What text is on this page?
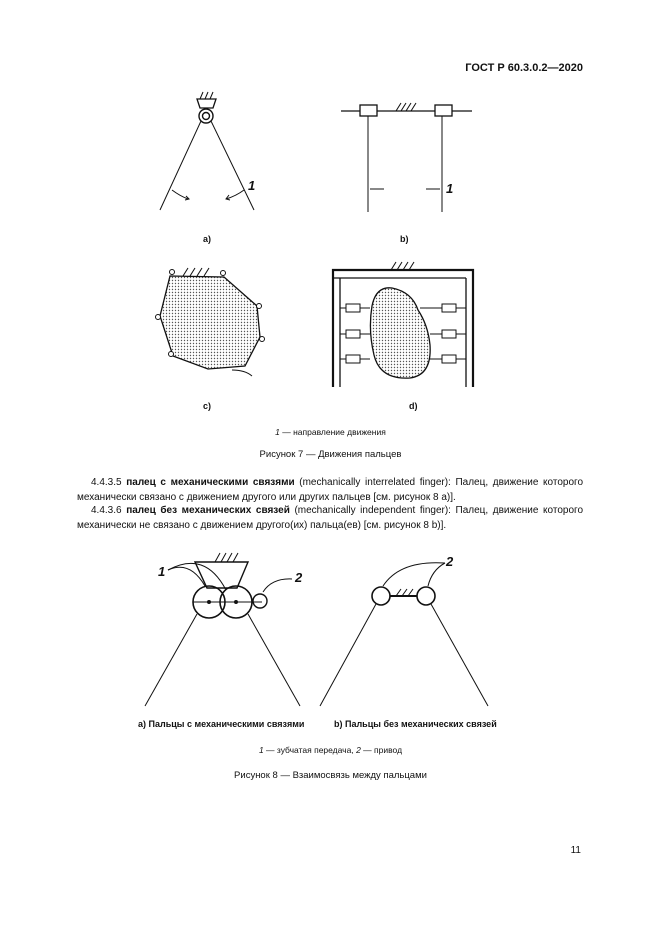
ГОСТ Р 60.3.0.2—2020
1	1
a)	b)
c)	d)
1 — направление движения
Рисунок 7 — Движения пальцев
4.4.3.5 палец с механическими связями (mechanically interrelated finger): Палец, движение которого механически связано с движением другого или других пальцев [см. рисунок 8 a)].
4.4.3.6 палец без механических связей (mechanically independent finger): Палец, движение которого механически не связано с движением другого(их) пальца(ев) [см. рисунок 8 b)].
1	2
2
a) Пальцы с механическими связями	b) Пальцы без механических связей
1 — зубчатая передача, 2 — привод
Рисунок 8 — Взаимосвязь между пальцами
11
